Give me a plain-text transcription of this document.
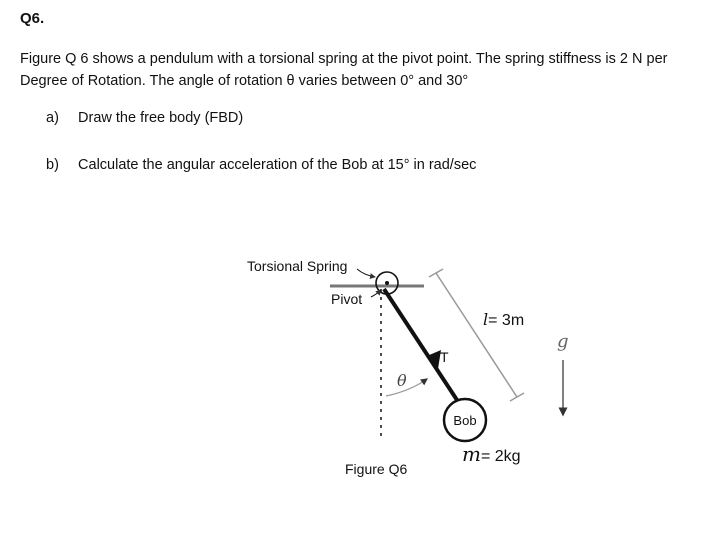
Q6.
Figure Q 6 shows a pendulum with a torsional spring at the pivot point. The spring stiffness is 2 N per Degree of Rotation. The angle of rotation θ varies between 0° and 30°
a) Draw the free body (FBD)
b) Calculate the angular acceleration of the Bob at 15° in rad/sec
Torsional Spring
Pivot
l= 3m
g
θ
T
Bob
m= 2kg
Figure Q6
